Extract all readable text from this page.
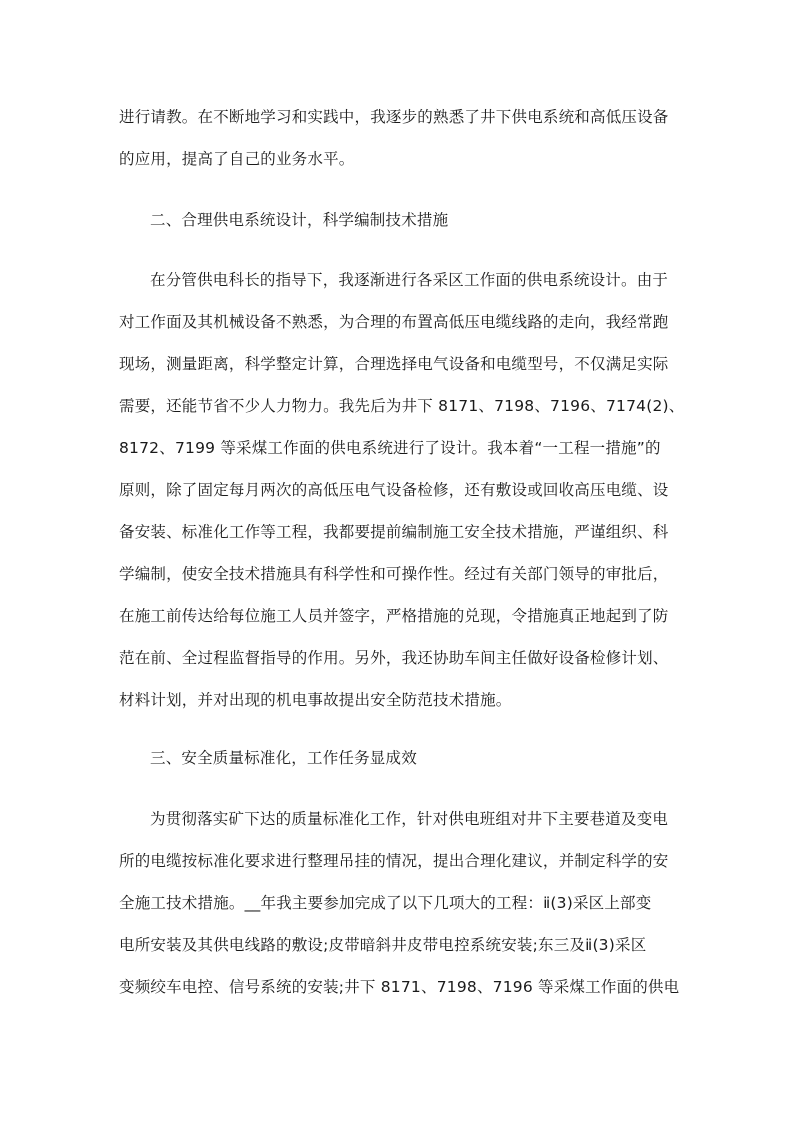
进行请教。在不断地学习和实践中，我逐步的熟悉了井下供电系统和高低压设备
的应用，提高了自己的业务水平。

二、合理供电系统设计，科学编制技术措施

在分管供电科长的指导下，我逐渐进行各采区工作面的供电系统设计。由于
对工作面及其机械设备不熟悉，为合理的布置高低压电缆线路的走向，我经常跑
现场，测量距离，科学整定计算，合理选择电气设备和电缆型号，不仅满足实际
需要，还能节省不少人力物力。我先后为井下 8171、7198、7196、7174(2)、
8172、7199 等采煤工作面的供电系统进行了设计。我本着“一工程一措施”的
原则，除了固定每月两次的高低压电气设备检修，还有敷设或回收高压电缆、设
备安装、标准化工作等工程，我都要提前编制施工安全技术措施，严谨组织、科
学编制，使安全技术措施具有科学性和可操作性。经过有关部门领导的审批后，
在施工前传达给每位施工人员并签字，严格措施的兑现，令措施真正地起到了防
范在前、全过程监督指导的作用。另外，我还协助车间主任做好设备检修计划、
材料计划，并对出现的机电事故提出安全防范技术措施。

三、安全质量标准化，工作任务显成效

为贯彻落实矿下达的质量标准化工作，针对供电班组对井下主要巷道及变电
所的电缆按标准化要求进行整理吊挂的情况，提出合理化建议，并制定科学的安
全施工技术措施。__年我主要参加完成了以下几项大的工程：ⅱ(3)采区上部变
电所安装及其供电线路的敷设;皮带暗斜井皮带电控系统安装;东三及ⅱ(3)采区
变频绞车电控、信号系统的安装;井下 8171、7198、7196 等采煤工作面的供电
